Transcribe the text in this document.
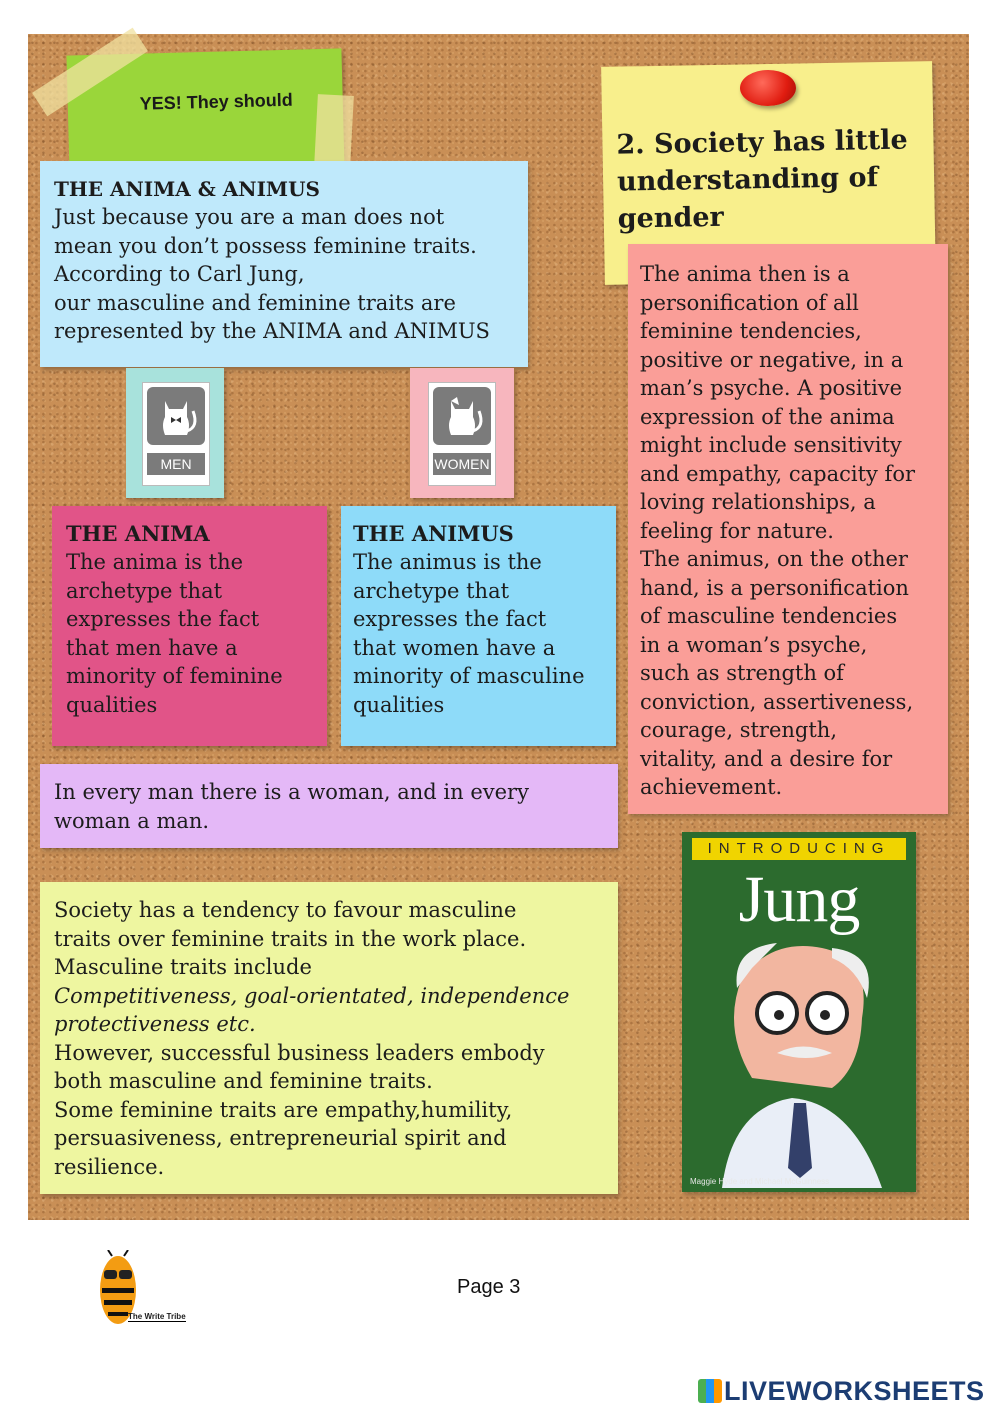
YES! They should

THE ANIMA & ANIMUS

Just because you are a man does not

mean you don’t possess feminine traits.

According to Carl Jung,

our masculine and feminine traits are

represented by the ANIMA and ANIMUS

2. Society has little

understanding of

gender

The anima then is a

personification of all

feminine tendencies,

positive or negative, in a

man’s psyche. A positive

expression of the anima

might include sensitivity

and empathy, capacity for

loving relationships, a

feeling for nature.

The animus, on the other

hand, is a personification

of masculine tendencies

in a woman’s psyche,

such as strength of

conviction, assertiveness,

courage, strength,

vitality, and a desire for

achievement.

MEN	WOMEN

THE ANIMA

The anima is the

archetype that

expresses the fact

that men have a

minority of feminine

qualities

THE ANIMUS

The animus is the

archetype that

expresses the fact

that women have a

minority of masculine

qualities

In every man there is a woman, and in every

woman a man.

Society has a tendency to favour masculine

traits over feminine traits in the work place.

Masculine traits include

Competitiveness, goal-orientated, independence

protectiveness etc.

However, successful business leaders embody

both masculine and feminine traits.

Some feminine traits are empathy,humility,

persuasiveness, entrepreneurial spirit and

resilience.

INTRODUCING
Jung
Maggie Hyde and Michael McGuinness
The Write Tribe
Page 3
LIVEWORKSHEETS
